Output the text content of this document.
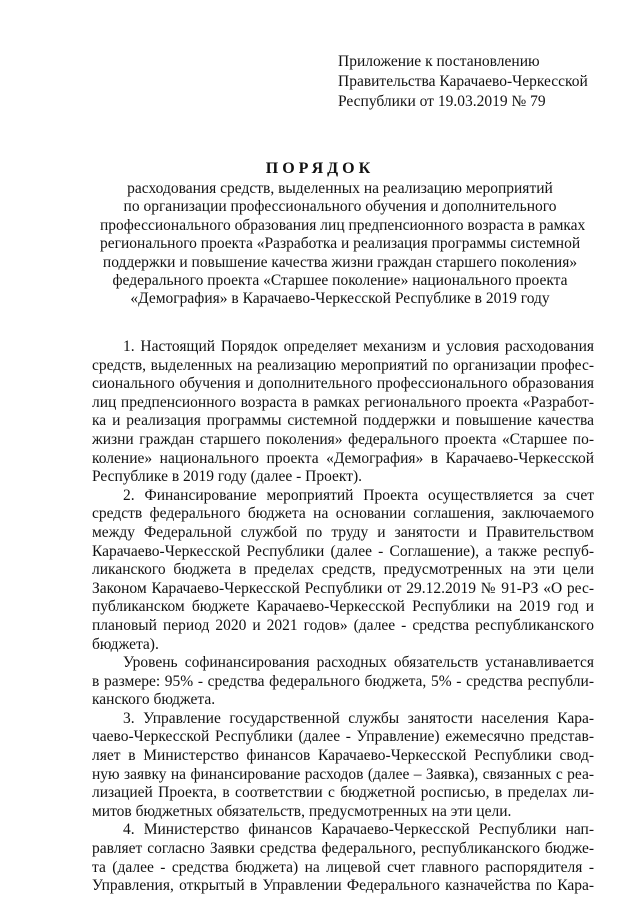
Приложение к постановлению
Правительства Карачаево-Черкесской
Республики от 19.03.2019 № 79
ПОРЯДОК
расходования средств, выделенных на реализацию мероприятий
по организации профессионального обучения и дополнительного
профессионального образования лиц предпенсионного возраста в рамках
регионального проекта «Разработка и реализация программы системной
поддержки и повышение качества жизни граждан старшего поколения»
федерального проекта «Старшее поколение» национального проекта
«Демография» в Карачаево-Черкесской Республике в 2019 году
1. Настоящий Порядок определяет механизм и условия расходования
средств, выделенных на реализацию мероприятий по организации профес-
сионального обучения и дополнительного профессионального образования
лиц предпенсионного возраста в рамках регионального проекта «Разработ-
ка и реализация программы системной поддержки и повышение качества
жизни граждан старшего поколения» федерального проекта «Старшее по-
коление» национального проекта «Демография» в Карачаево-Черкесской
Республике в 2019 году (далее - Проект).
2. Финансирование мероприятий Проекта осуществляется за счет
средств федерального бюджета на основании соглашения, заключаемого
между Федеральной службой по труду и занятости и Правительством
Карачаево-Черкесской Республики (далее - Соглашение), а также респуб-
ликанского бюджета в пределах средств, предусмотренных на эти цели
Законом Карачаево-Черкесской Республики от 29.12.2019 № 91-РЗ «О рес-
публиканском бюджете Карачаево-Черкесской Республики на 2019 год и
плановый период 2020 и 2021 годов» (далее - средства республиканского
бюджета).
Уровень софинансирования расходных обязательств устанавливается
в размере: 95% - средства федерального бюджета, 5% - средства республи-
канского бюджета.
3. Управление государственной службы занятости населения Кара-
чаево-Черкесской Республики (далее - Управление) ежемесячно представ-
ляет в Министерство финансов Карачаево-Черкесской Республики свод-
ную заявку на финансирование расходов (далее – Заявка), связанных с реа-
лизацией Проекта, в соответствии с бюджетной росписью, в пределах ли-
митов бюджетных обязательств, предусмотренных на эти цели.
4. Министерство финансов Карачаево-Черкесской Республики нап-
равляет согласно Заявки средства федерального, республиканского бюдже-
та (далее - средства бюджета) на лицевой счет главного распорядителя -
Управления, открытый в Управлении Федерального казначейства по Кара-
